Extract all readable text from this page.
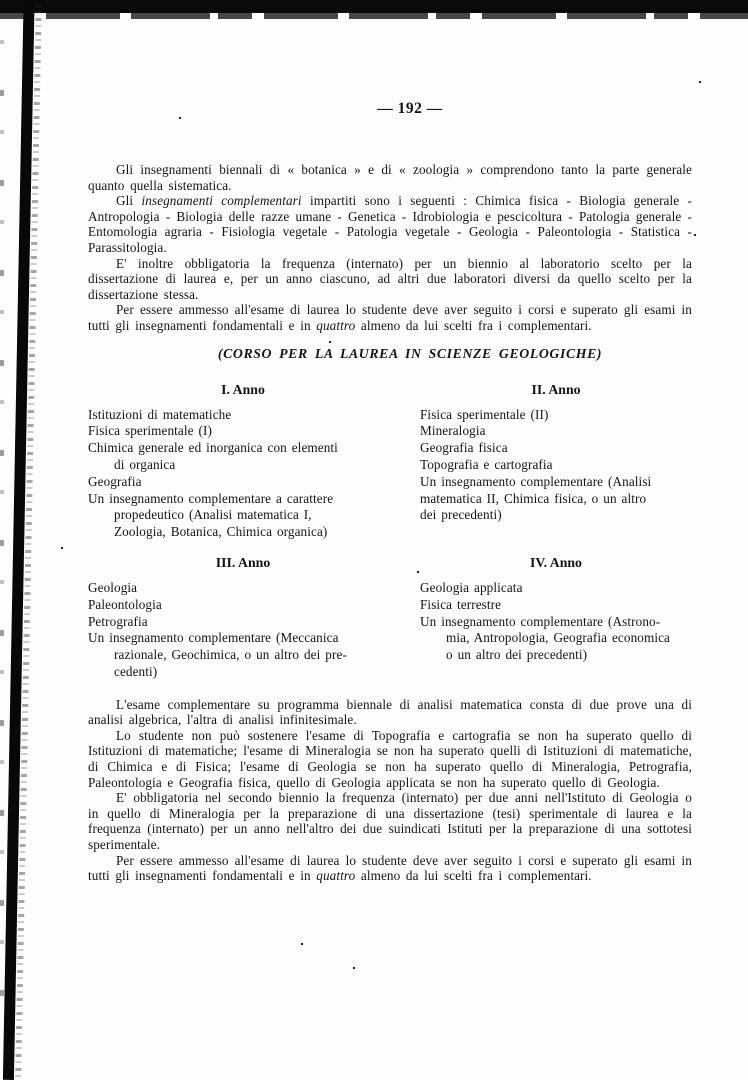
— 192 —

Gli insegnamenti biennali di « botanica » e di « zoologia » comprendono tanto la parte generale quanto quella sistematica.

Gli insegnamenti complementari impartiti sono i seguenti : Chimica fisica - Biologia generale - Antropologia - Biologia delle razze umane - Genetica - Idrobiologia e pescicoltura - Patologia generale - Entomologia agraria - Fisiologia vegetale - Patologia vegetale - Geologia - Paleontologia - Statistica - Parassitologia.

E' inoltre obbligatoria la frequenza (internato) per un biennio al laboratorio scelto per la dissertazione di laurea e, per un anno ciascuno, ad altri due laboratori diversi da quello scelto per la dissertazione stessa.

Per essere ammesso all'esame di laurea lo studente deve aver seguito i corsi e superato gli esami in tutti gli insegnamenti fondamentali e in quattro almeno da lui scelti fra i complementari.

(CORSO PER LA LAUREA IN SCIENZE GEOLOGICHE)
I. Anno
Istituzioni di matematiche
Fisica sperimentale (I)
Chimica generale ed inorganica con elementi
di organica
Geografia
Un insegnamento complementare a carattere
propedeutico (Analisi matematica I,
Zoologia, Botanica, Chimica organica)
II. Anno
Fisica sperimentale (II)
Mineralogia
Geografia fisica
Topografia e cartografia
Un insegnamento complementare (Analisi
matematica II, Chimica fisica, o un altro
dei precedenti)
III. Anno
Geologia
Paleontologia
Petrografia
Un insegnamento complementare (Meccanica
razionale, Geochimica, o un altro dei pre-
cedenti)
IV. Anno
Geologia applicata
Fisica terrestre
Un insegnamento complementare (Astrono-
mia, Antropologia, Geografia economica
o un altro dei precedenti)

L'esame complementare su programma biennale di analisi matematica consta di due prove una di analisi algebrica, l'altra di analisi infinitesimale.

Lo studente non può sostenere l'esame di Topografia e cartografia se non ha superato quello di Istituzioni di matematiche; l'esame di Mineralogia se non ha superato quelli di Istituzioni di matematiche, di Chimica e di Fisica; l'esame di Geologia se non ha superato quello di Mineralogia, Petrografia, Paleontologia e Geografia fisica, quello di Geologia applicata se non ha superato quello di Geologia.

E' obbligatoria nel secondo biennio la frequenza (internato) per due anni nell'Istituto di Geologia o in quello di Mineralogia per la preparazione di una dissertazione (tesi) sperimentale di laurea e la frequenza (internato) per un anno nell'altro dei due suindicati Istituti per la preparazione di una sottotesi sperimentale.

Per essere ammesso all'esame di laurea lo studente deve aver seguito i corsi e superato gli esami in tutti gli insegnamenti fondamentali e in quattro almeno da lui scelti fra i complementari.
